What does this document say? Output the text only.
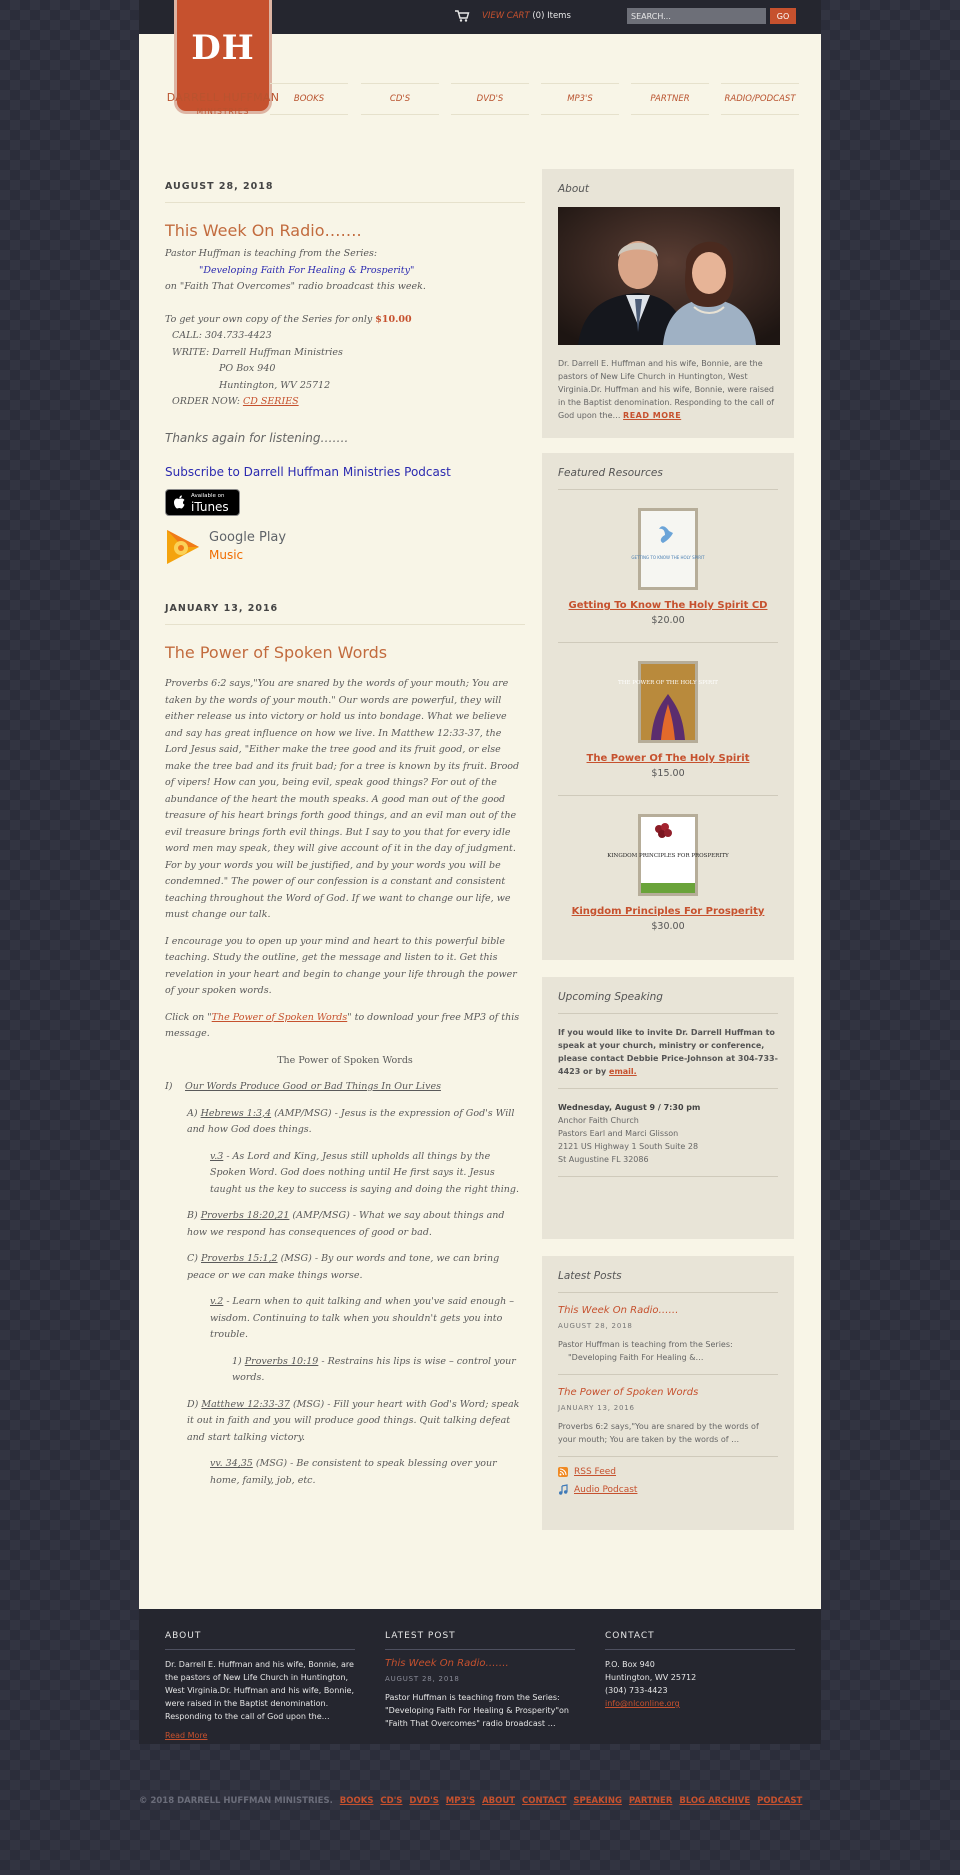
VIEW CART (0) Items
SEARCH...	GO
DH
DARRELL HUFFMAN
MINISTRIES
BOOKS	CD'S	DVD'S	MP3'S	PARTNER	RADIO/PODCAST
AUGUST 28, 2018
This Week On Radio…….
Pastor Huffman is teaching from the Series:
"Developing Faith For Healing & Prosperity"
on "Faith That Overcomes" radio broadcast this week.
To get your own copy of the Series for only $10.00
CALL: 304.733-4423
WRITE: Darrell Huffman Ministries
PO Box 940
Huntington, WV 25712
ORDER NOW: CD SERIES
Thanks again for listening…….
Subscribe to Darrell Huffman Ministries Podcast
Available on
iTunes
Google Play
Music
JANUARY 13, 2016
The Power of Spoken Words
Proverbs 6:2 says,"You are snared by the words of your mouth; You are taken by the words of your mouth." Our words are powerful, they will either release us into victory or hold us into bondage. What we believe and say has great influence on how we live. In Matthew 12:33-37, the Lord Jesus said, "Either make the tree good and its fruit good, or else make the tree bad and its fruit bad; for a tree is known by its fruit. Brood of vipers! How can you, being evil, speak good things? For out of the abundance of the heart the mouth speaks. A good man out of the good treasure of his heart brings forth good things, and an evil man out of the evil treasure brings forth evil things. But I say to you that for every idle word men may speak, they will give account of it in the day of judgment. For by your words you will be justified, and by your words you will be condemned." The power of our confession is a constant and consistent teaching throughout the Word of God. If we want to change our life, we must change our talk.
I encourage you to open up your mind and heart to this powerful bible teaching. Study the outline, get the message and listen to it. Get this revelation in your heart and begin to change your life through the power of your spoken words.
Click on "The Power of Spoken Words" to download your free MP3 of this message.
The Power of Spoken Words
I) Our Words Produce Good or Bad Things In Our Lives
A) Hebrews 1:3,4 (AMP/MSG) - Jesus is the expression of God's Will and how God does things.
v.3 - As Lord and King, Jesus still upholds all things by the Spoken Word. God does nothing until He first says it. Jesus taught us the key to success is saying and doing the right thing.
B) Proverbs 18:20,21 (AMP/MSG) - What we say about things and how we respond has consequences of good or bad.
C) Proverbs 15:1,2 (MSG) - By our words and tone, we can bring peace or we can make things worse.
v.2 - Learn when to quit talking and when you've said enough – wisdom. Continuing to talk when you shouldn't gets you into trouble.
1) Proverbs 10:19 - Restrains his lips is wise – control your words.
D) Matthew 12:33-37 (MSG) - Fill your heart with God's Word; speak it out in faith and you will produce good things. Quit talking defeat and start talking victory.
vv. 34,35 (MSG) - Be consistent to speak blessing over your home, family, job, etc.
About
Dr. Darrell E. Huffman and his wife, Bonnie, are the pastors of New Life Church in Huntington, West Virginia.Dr. Huffman and his wife, Bonnie, were raised in the Baptist denomination. Responding to the call of God upon the… READ MORE
Featured Resources
GETTING TO KNOW THE HOLY SPIRIT
Getting To Know The Holy Spirit CD
$20.00
THE POWER OF THE HOLY SPIRIT
The Power Of The Holy Spirit
$15.00
KINGDOM PRINCIPLES FOR PROSPERITY
Kingdom Principles For Prosperity
$30.00
Upcoming Speaking
If you would like to invite Dr. Darrell Huffman to speak at your church, ministry or conference, please contact Debbie Price-Johnson at 304-733-4423 or by email.
Wednesday, August 9 / 7:30 pm
Anchor Faith Church
Pastors Earl and Marci Glisson
2121 US Highway 1 South Suite 28
St Augustine FL 32086
Latest Posts
This Week On Radio……
AUGUST 28, 2018
Pastor Huffman is teaching from the Series:
"Developing Faith For Healing &…
The Power of Spoken Words
JANUARY 13, 2016
Proverbs 6:2 says,"You are snared by the words of your mouth; You are taken by the words of …
RSS Feed
Audio Podcast
ABOUT
Dr. Darrell E. Huffman and his wife, Bonnie, are the pastors of New Life Church in Huntington, West Virginia.Dr. Huffman and his wife, Bonnie, were raised in the Baptist denomination. Responding to the call of God upon the…
Read More
LATEST POST
This Week On Radio…….
AUGUST 28, 2018
Pastor Huffman is teaching from the Series:               "Developing Faith For Healing & Prosperity"on "Faith That Overcomes" radio broadcast …
CONTACT
P.O. Box 940
Huntington, WV 25712
(304) 733-4423
info@nlconline.org
© 2018 DARRELL HUFFMAN MINISTRIES. BOOKS CD'S DVD'S MP3'S ABOUT CONTACT SPEAKING PARTNER BLOG ARCHIVE PODCAST
